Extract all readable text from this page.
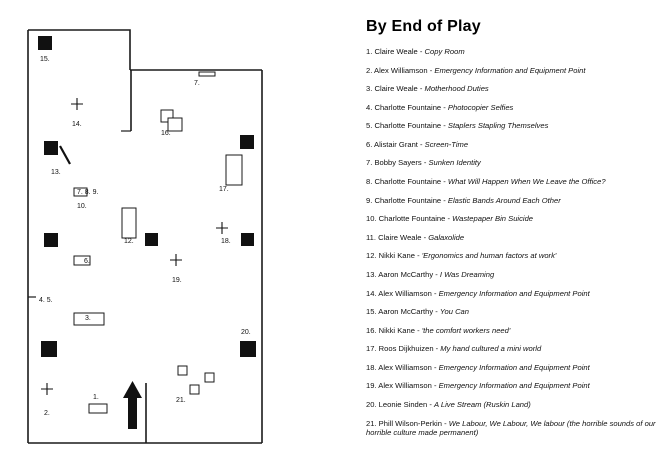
15.
7.
14.
16.
13.
17.
7. 8. 9.
10.
12.	18.
6.
19.
4. 5.
3.
20.
1.	21.
2.
By End of Play
1. Claire Weale - Copy Room
2. Alex Williamson - Emergency Information and Equipment Point
3. Claire Weale - Motherhood Duties
4. Charlotte Fountaine - Photocopier Selfies
5. Charlotte Fountaine - Staplers Stapling Themselves
6. Alistair Grant - Screen-Time
7. Bobby Sayers - Sunken Identity
8. Charlotte Fountaine - What Will Happen When We Leave the Office?
9. Charlotte Fountaine - Elastic Bands Around Each Other
10. Charlotte Fountaine - Wastepaper Bin Suicide
11. Claire Weale - Galaxolide
12. Nikki Kane - 'Ergonomics and human factors at work'
13. Aaron McCarthy - I Was Dreaming
14. Alex Williamson - Emergency Information and Equipment Point
15. Aaron McCarthy - You Can
16. Nikki Kane - 'the comfort workers need'
17. Roos Dijkhuizen - My hand cultured a mini world
18. Alex Williamson - Emergency Information and Equipment Point
19. Alex Williamson - Emergency Information and Equipment Point
20. Leonie Sinden - A Live Stream (Ruskin Land)
21. Phill Wilson-Perkin - We Labour, We Labour, We labour (the horrible sounds of our horrible culture made permanent)
